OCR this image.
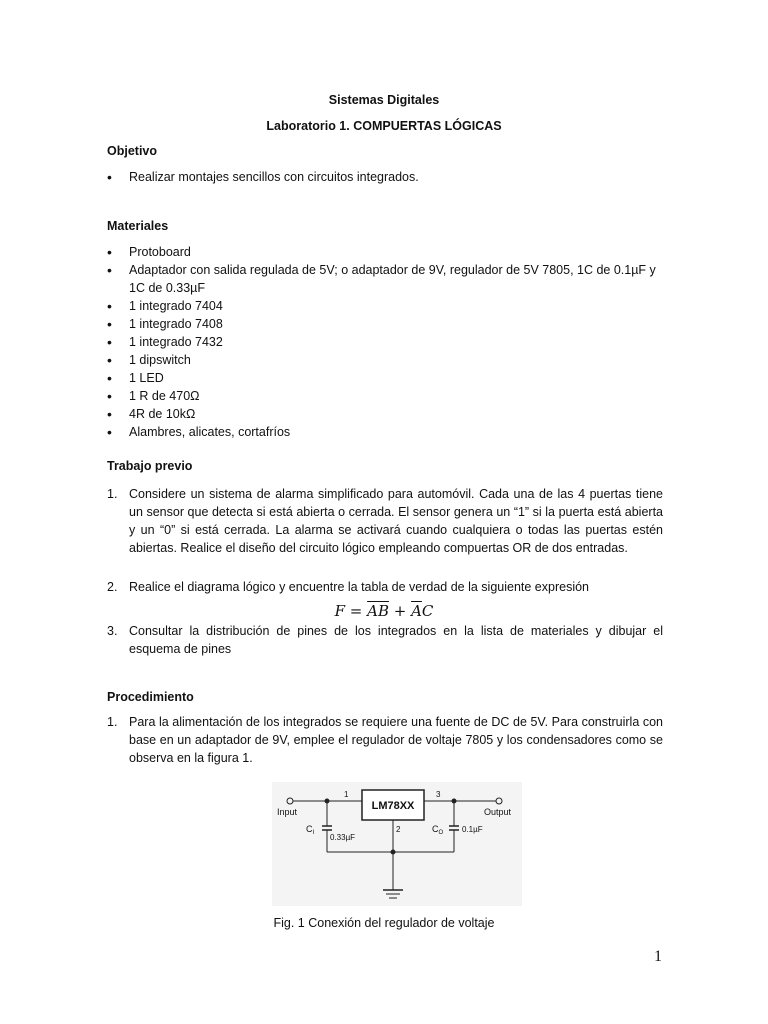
Sistemas Digitales
Laboratorio 1. COMPUERTAS LÓGICAS
Objetivo
• Realizar montajes sencillos con circuitos integrados.
Materiales
• Protoboard
• Adaptador con salida regulada de 5V; o adaptador de 9V, regulador de 5V 7805, 1C de 0.1µF y 1C de 0.33µF
• 1 integrado 7404
• 1 integrado 7408
• 1 integrado 7432
• 1 dipswitch
• 1 LED
• 1 R de 470Ω
• 4R de 10kΩ
• Alambres, alicates, cortafríos
Trabajo previo
1. Considere un sistema de alarma simplificado para automóvil. Cada una de las 4 puertas tiene un sensor que detecta si está abierta o cerrada. El sensor genera un “1” si la puerta está abierta y un “0” si está cerrada. La alarma se activará cuando cualquiera o todas las puertas estén abiertas. Realice el diseño del circuito lógico empleando compuertas OR de dos entradas.
2. Realice el diagrama lógico y encuentre la tabla de verdad de la siguiente expresión
$F = \overline{A}\overline{B} + \overline{A}C$
3. Consultar la distribución de pines de los integrados en la lista de materiales y dibujar el esquema de pines
Procedimiento
1. Para la alimentación de los integrados se requiere una fuente de DC de 5V. Para construirla con base en un adaptador de 9V, emplee el regulador de voltaje 7805 y los condensadores como se observa en la figura 1.
LM78XX
Input	Output
1
2
3
$C_I$ 0.33µF
$C_O$ 0.1µF
Fig. 1 Conexión del regulador de voltaje
1
